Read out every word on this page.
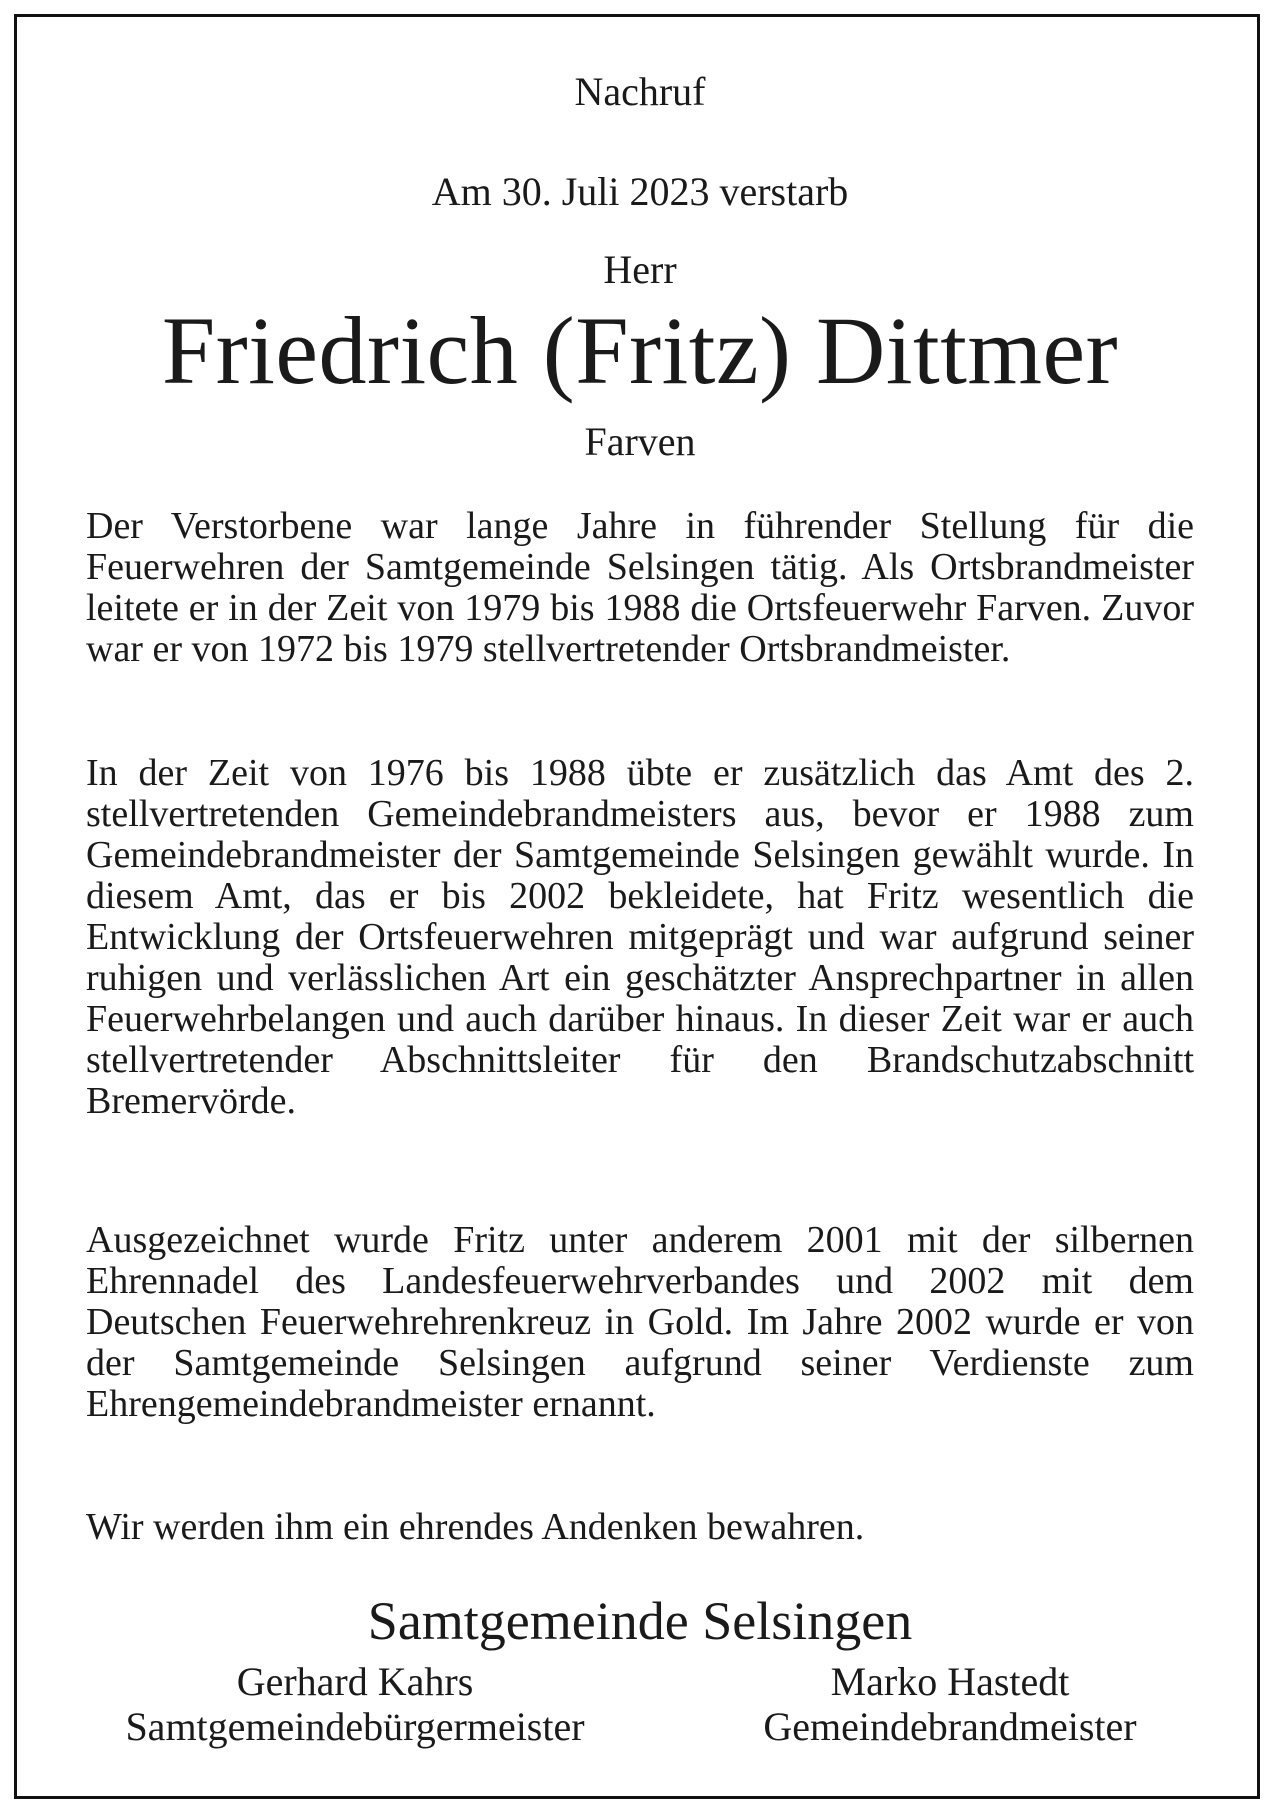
Nachruf
Am 30. Juli 2023 verstarb
Herr
Friedrich (Fritz) Dittmer
Farven
Der Verstorbene war lange Jahre in führender Stellung für die Feuerwehren der Samtgemeinde Selsingen tätig. Als Ortsbrandmeister leitete er in der Zeit von 1979 bis 1988 die Ortsfeuerwehr Farven. Zuvor war er von 1972 bis 1979 stellvertretender Ortsbrandmeister.
In der Zeit von 1976 bis 1988 übte er zusätzlich das Amt des 2. stellvertretenden Gemeindebrandmeisters aus, bevor er 1988 zum Gemeindebrandmeister der Samtgemeinde Selsingen gewählt wurde. In diesem Amt, das er bis 2002 bekleidete, hat Fritz wesentlich die Entwicklung der Ortsfeuerwehren mitgeprägt und war aufgrund seiner ruhigen und verlässlichen Art ein geschätzter Ansprechpartner in allen Feuerwehrbelangen und auch darüber hinaus. In dieser Zeit war er auch stellvertretender Abschnittsleiter für den Brandschutzabschnitt Bremervörde.
Ausgezeichnet wurde Fritz unter anderem 2001 mit der silbernen Ehrennadel des Landesfeuerwehrverbandes und 2002 mit dem Deutschen Feuerwehrehrenkreuz in Gold. Im Jahre 2002 wurde er von der Samtgemeinde Selsingen aufgrund seiner Verdienste zum Ehrengemeindebrandmeister ernannt.
Wir werden ihm ein ehrendes Andenken bewahren.
Samtgemeinde Selsingen
Gerhard Kahrs
Samtgemeindebürgermeister
Marko Hastedt
Gemeindebrandmeister
